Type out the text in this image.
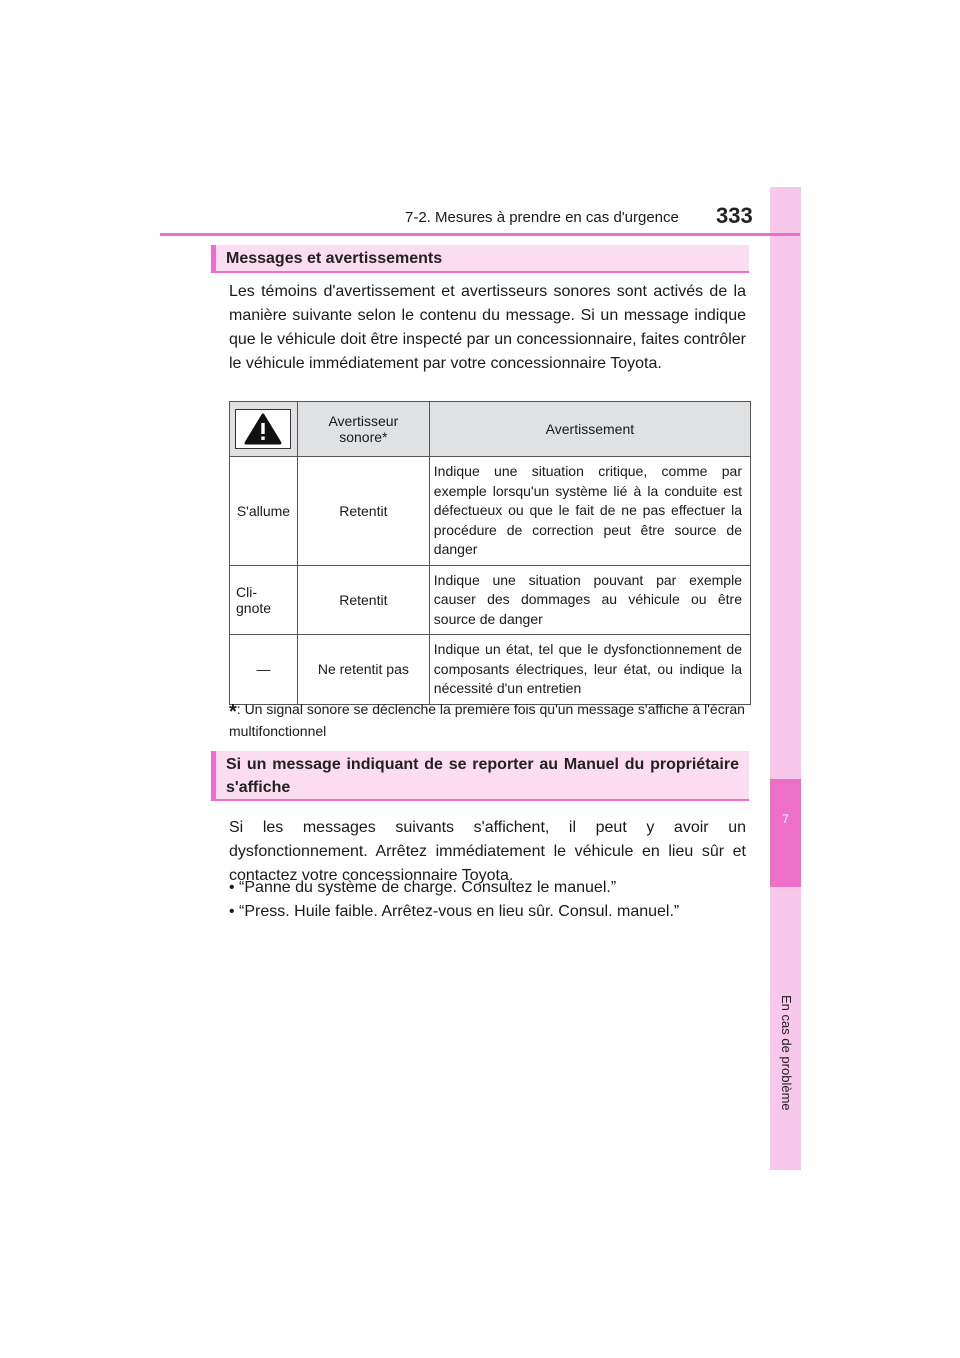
7
En cas de problème
7-2. Mesures à prendre en cas d'urgence 333
Messages et avertissements
Les témoins d'avertissement et avertisseurs sonores sont activés de la manière suivante selon le contenu du message. Si un message indique que le véhicule doit être inspecté par un concessionnaire, faites contrôler le véhicule immédiatement par votre concessionnaire Toyota.
	Avertisseur sonore*	Avertissement
S'allume	Retentit	Indique une situation critique, comme par exemple lorsqu'un système lié à la conduite est défectueux ou que le fait de ne pas effectuer la procédure de correction peut être source de danger
Cli-gnote	Retentit	Indique une situation pouvant par exemple causer des dommages au véhicule ou être source de danger
—	Ne retentit pas	Indique un état, tel que le dysfonctionnement de composants électriques, leur état, ou indique la nécessité d'un entretien
*: Un signal sonore se déclenche la première fois qu'un message s'affiche à l'écran multifonctionnel
Si un message indiquant de se reporter au Manuel du propriétaire s'affiche
Si les messages suivants s'affichent, il peut y avoir un dysfonctionnement. Arrêtez immédiatement le véhicule en lieu sûr et contactez votre concessionnaire Toyota.
• “Panne du système de charge. Consultez le manuel.”
• “Press. Huile faible. Arrêtez-vous en lieu sûr. Consul. manuel.”
